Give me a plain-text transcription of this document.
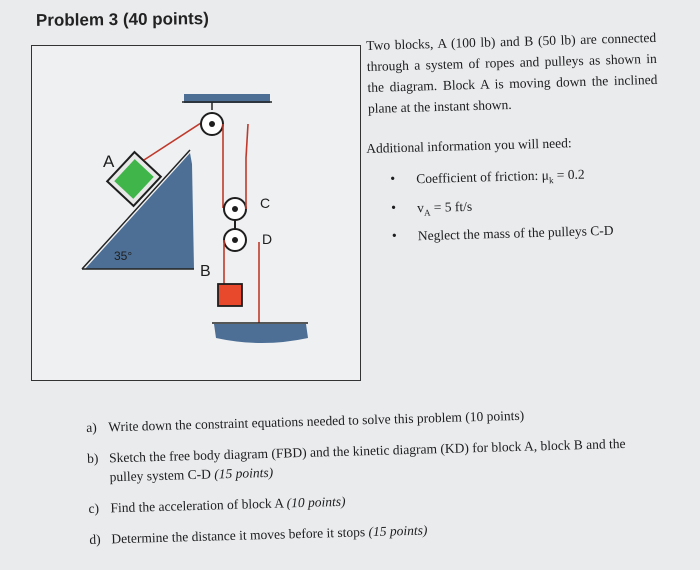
Problem 3 (40 points)
A
B
C
D
35°
Two blocks, A (100 lb) and B (50 lb) are connected through a system of ropes and pulleys as shown in the diagram. Block A is moving down the inclined plane at the instant shown.
Additional information you will need:
• Coefficient of friction: $\mu_k = 0.2$
• $v_A = 5$ ft/s
• Neglect the mass of the pulleys C-D
a) Write down the constraint equations needed to solve this problem (10 points)
b) Sketch the free body diagram (FBD) and the kinetic diagram (KD) for block A, block B and the pulley system C-D (15 points)
c) Find the acceleration of block A (10 points)
d) Determine the distance it moves before it stops (15 points)
